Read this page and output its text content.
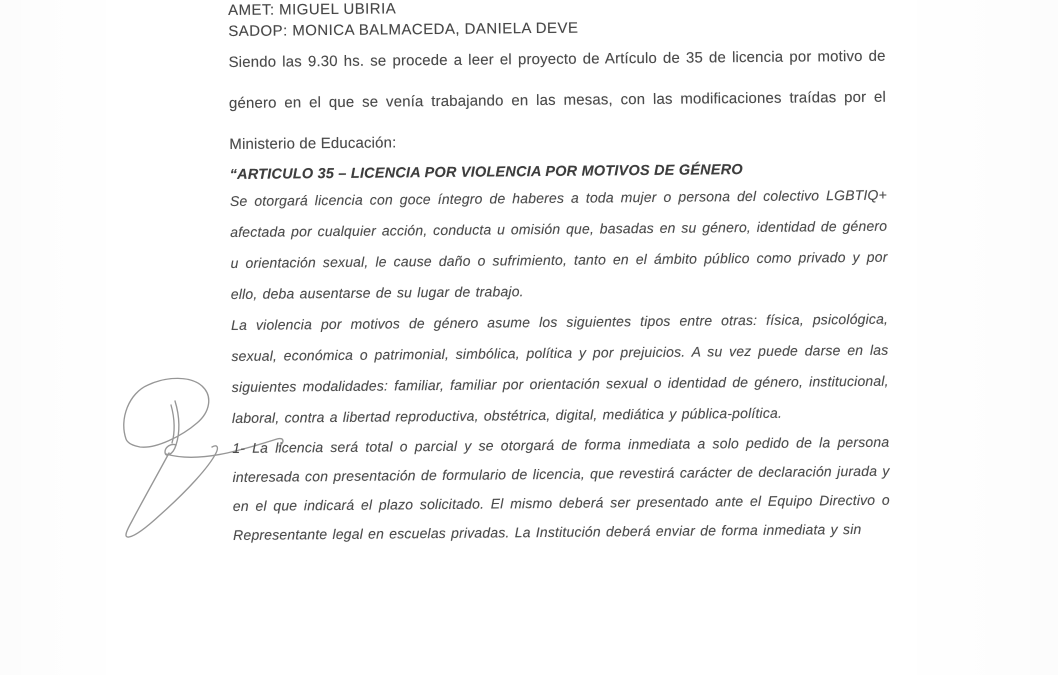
AMET: MIGUEL UBIRIA

SADOP: MONICA BALMACEDA, DANIELA DEVE

Siendo las 9.30 hs. se procede a leer el proyecto de Artículo de 35 de licencia por motivo de género en el que se venía trabajando en las mesas, con las modificaciones traídas por el Ministerio de Educación:

“ARTICULO 35 – LICENCIA POR VIOLENCIA POR MOTIVOS DE GÉNERO

Se otorgará licencia con goce íntegro de haberes a toda mujer o persona del colectivo LGBTIQ+ afectada por cualquier acción, conducta u omisión que, basadas en su género, identidad de género u orientación sexual, le cause daño o sufrimiento, tanto en el ámbito público como privado y por ello, deba ausentarse de su lugar de trabajo.

La violencia por motivos de género asume los siguientes tipos entre otras: física, psicológica, sexual, económica o patrimonial, simbólica, política y por prejuicios. A su vez puede darse en las siguientes modalidades: familiar, familiar por orientación sexual o identidad de género, institucional, laboral, contra a libertad reproductiva, obstétrica, digital, mediática y pública-política.

1- La licencia será total o parcial y se otorgará de forma inmediata a solo pedido de la persona interesada con presentación de formulario de licencia, que revestirá carácter de declaración jurada y en el que indicará el plazo solicitado. El mismo deberá ser presentado ante el Equipo Directivo o Representante legal en escuelas privadas. La Institución deberá enviar de forma inmediata y sin
